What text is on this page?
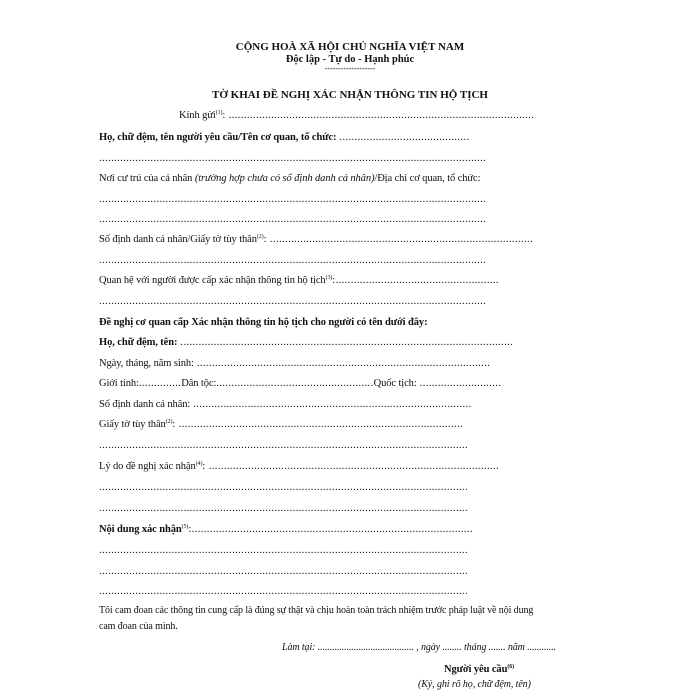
CỘNG HOÀ XÃ HỘI CHỦ NGHĨA VIỆT NAM
Độc lập - Tự do - Hạnh phúc
-------------------
TỜ KHAI ĐỀ NGHỊ XÁC NHẬN THÔNG TIN HỘ TỊCH
Kính gửi$^{(1)}$: .....................................................................................................
Họ, chữ đệm, tên người yêu cầu/Tên cơ quan, tổ chức: ...........................................
................................................................................................................................
Nơi cư trú của cá nhân (trường hợp chưa có số định danh cá nhân)/Địa chỉ cơ quan, tổ chức:
................................................................................................................................
................................................................................................................................
Số định danh cá nhân/Giấy tờ tùy thân$^{(2)}$: .......................................................................................
................................................................................................................................
Quan hệ với người được cấp xác nhận thông tin hộ tịch$^{(3)}$:......................................................
................................................................................................................................
Đề nghị cơ quan cấp Xác nhận thông tin hộ tịch cho người có tên dưới đây:
Họ, chữ đệm, tên: ..............................................................................................................
Ngày, tháng, năm sinh: .................................................................................................
Giới tính:..............Dân tộc:....................................................Quốc tịch: ...........................
Số định danh cá nhân: ............................................................................................
Giấy tờ tùy thân$^{(2)}$: ..............................................................................................
..........................................................................................................................
Lý do đề nghị xác nhận$^{(4)}$: ................................................................................................
..........................................................................................................................
..........................................................................................................................
Nội dung xác nhận$^{(5)}$:.............................................................................................
..........................................................................................................................
..........................................................................................................................
..........................................................................................................................
Tôi cam đoan các thông tin cung cấp là đúng sự thật và chịu hoàn toàn trách nhiệm trước pháp luật về nội dung
cam đoan của mình.
Làm tại: ........................................ , ngày ........ tháng ....... năm ............
Người yêu cầu$^{(6)}$
(Ký, ghi rõ họ, chữ đệm, tên)
